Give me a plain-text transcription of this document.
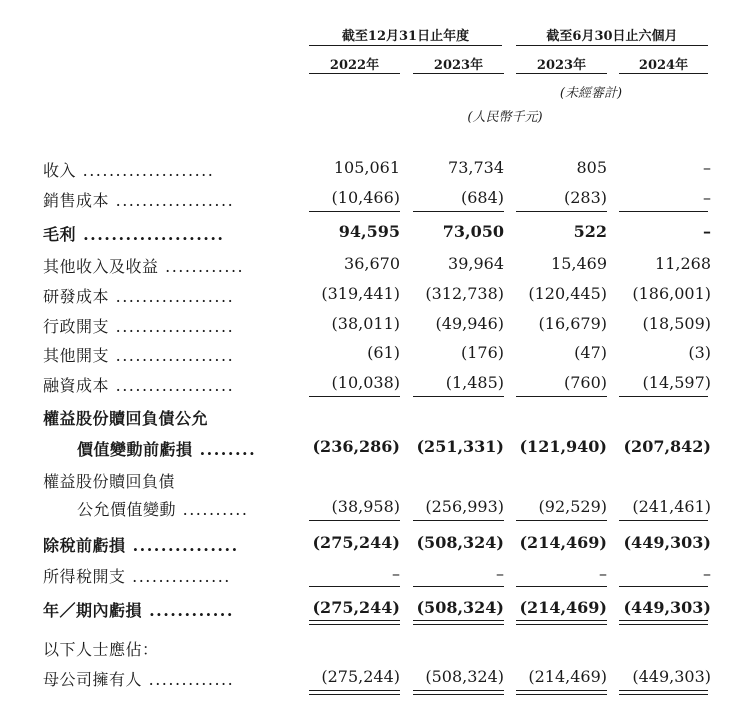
截至12月31日止年度	截至6月30日止六個月
2022年	2023年	2023年	2024年
(未經審計)
(人民幣千元)
收入 ....................	105,061	73,734	805	–
銷售成本 ..................	(10,466)	(684)	(283)	–
毛利 ....................	94,595	73,050	522	–
其他收入及收益 ............	36,670	39,964	15,469	11,268
研發成本 ..................	(319,441) (312,738) (120,445) (186,001)
行政開支 ..................	(38,011) (49,946) (16,679) (18,509)
其他開支 ..................	(61)	(176)	(47)	(3)
融資成本 ..................	(10,038)	(1,485)	(760) (14,597)
權益股份贖回負債公允
價值變動前虧損 ........	(236,286) (251,331) (121,940) (207,842)
權益股份贖回負債
公允價值變動 ..........	(38,958) (256,993) (92,529) (241,461)
除稅前虧損 ...............	(275,244) (508,324) (214,469) (449,303)
所得稅開支 ...............	–	–	–	–
年／期內虧損 ............	(275,244) (508,324) (214,469) (449,303)
以下人士應佔：
母公司擁有人 .............	(275,244) (508,324) (214,469) (449,303)
